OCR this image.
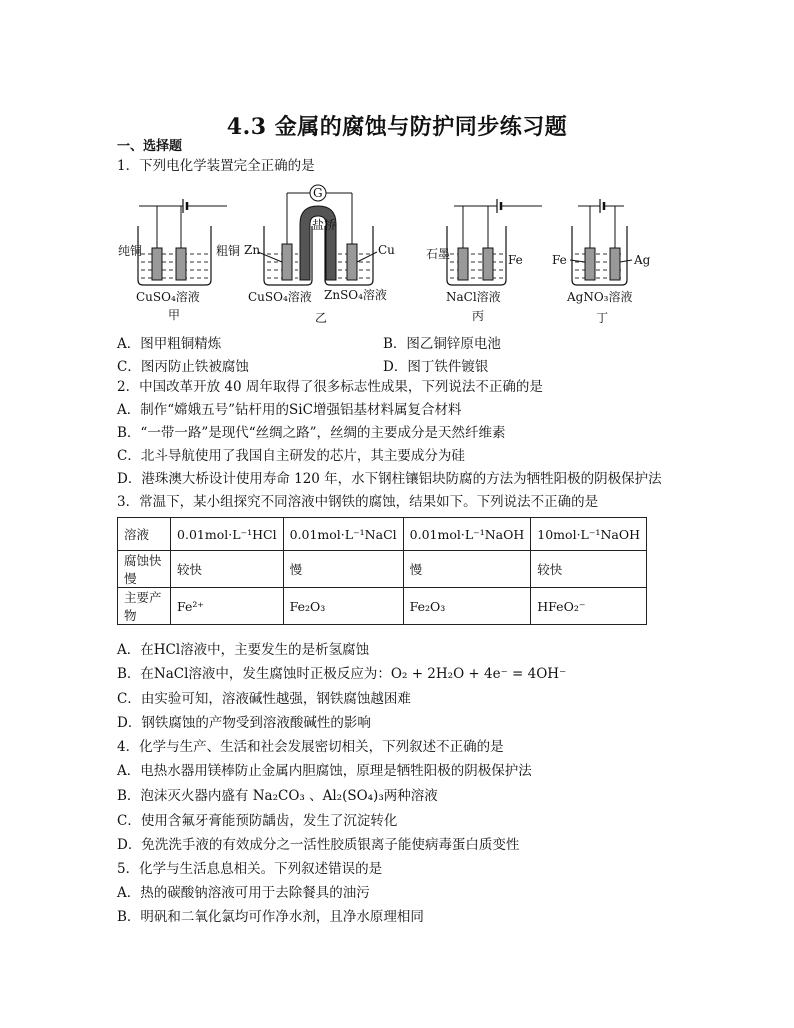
4.3 金属的腐蚀与防护同步练习题
一、选择题
1．下列电化学装置完全正确的是
纯铜	粗铜
CuSO₄溶液
甲
G
盐桥
Zn	Cu
CuSO₄溶液 ZnSO₄溶液
乙
石墨	Fe
NaCl溶液
丙
Fe	Ag
AgNO₃溶液
丁
A．图甲粗铜精炼	B．图乙铜锌原电池
C．图丙防止铁被腐蚀	D．图丁铁件镀银
2．中国改革开放 40 周年取得了很多标志性成果，下列说法不正确的是
A．制作“嫦娥五号”钻杆用的SiC增强铝基材料属复合材料
B．“一带一路”是现代“丝绸之路”，丝绸的主要成分是天然纤维素
C．北斗导航使用了我国自主研发的芯片，其主要成分为硅
D．港珠澳大桥设计使用寿命 120 年，水下钢柱镶铝块防腐的方法为牺牲阳极的阴极保护法
3．常温下，某小组探究不同溶液中钢铁的腐蚀，结果如下。下列说法不正确的是
溶液	0.01mol·L⁻¹HCl	0.01mol·L⁻¹NaCl	0.01mol·L⁻¹NaOH	10mol·L⁻¹NaOH
腐蚀快慢	较快	慢	慢	较快
主要产物	Fe²⁺	Fe₂O₃	Fe₂O₃	HFeO₂⁻
A．在HCl溶液中，主要发生的是析氢腐蚀
B．在NaCl溶液中，发生腐蚀时正极反应为：O₂ + 2H₂O + 4e⁻ = 4OH⁻
C．由实验可知，溶液碱性越强，钢铁腐蚀越困难
D．钢铁腐蚀的产物受到溶液酸碱性的影响
4．化学与生产、生活和社会发展密切相关，下列叙述不正确的是
A．电热水器用镁棒防止金属内胆腐蚀，原理是牺牲阳极的阴极保护法
B．泡沫灭火器内盛有 Na₂CO₃ 、Al₂(SO₄)₃两种溶液
C．使用含氟牙膏能预防龋齿，发生了沉淀转化
D．免洗洗手液的有效成分之一活性胶质银离子能使病毒蛋白质变性
5．化学与生活息息相关。下列叙述错误的是
A．热的碳酸钠溶液可用于去除餐具的油污
B．明矾和二氧化氯均可作净水剂，且净水原理相同
